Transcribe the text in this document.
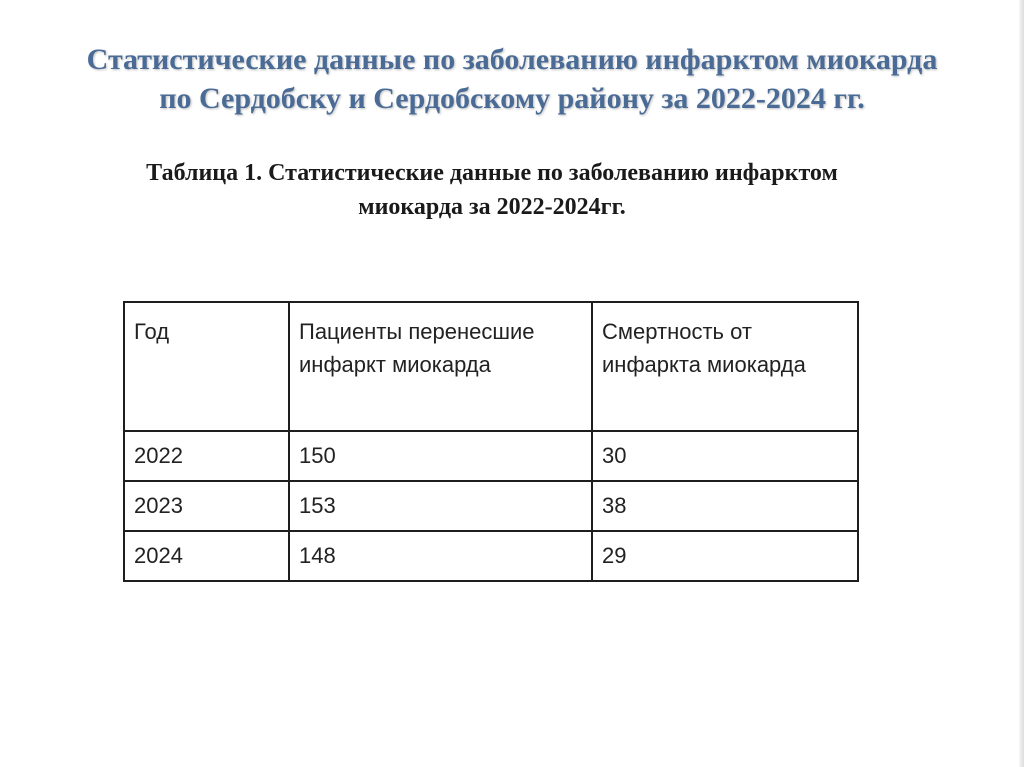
Статистические данные по заболеванию инфарктом миокарда
по Сердобску и Сердобскому району за 2022-2024 гг.
Таблица 1. Статистические данные по заболеванию инфарктом
миокарда за 2022-2024гг.
Год	Пациенты перенесшие инфаркт миокарда	Смертность от инфаркта миокарда

2022	150	30
2023	153	38
2024	148	29
